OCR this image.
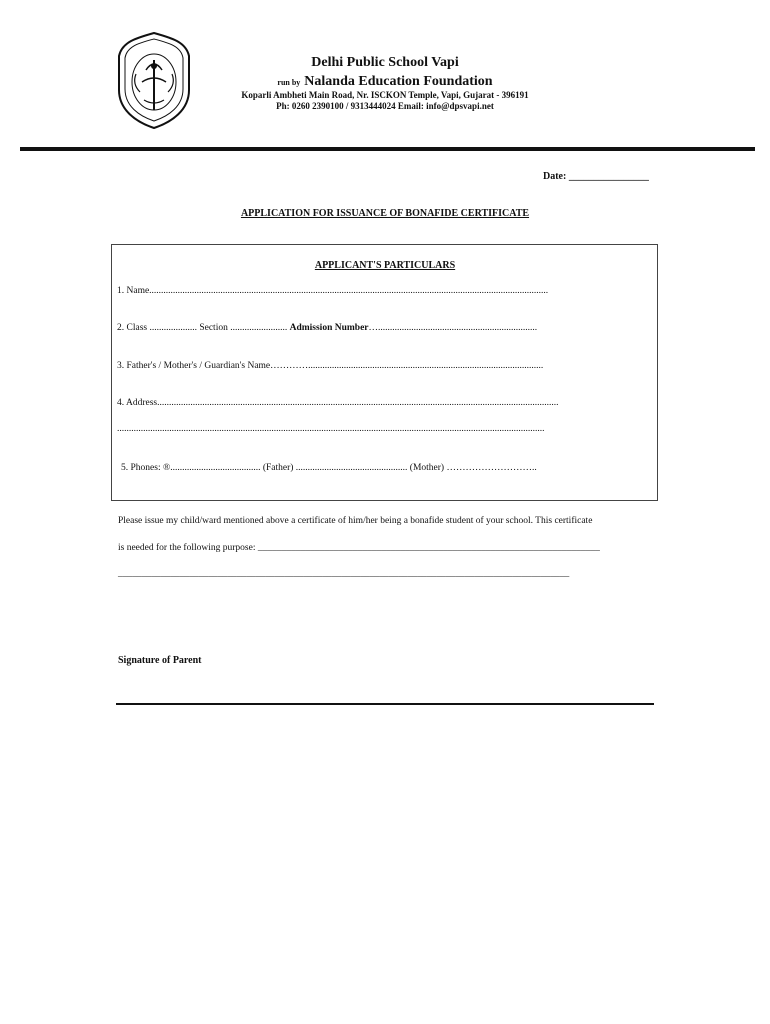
Delhi Public School Vapi
run by Nalanda Education Foundation
Koparli Ambheti Main Road, Nr. ISCKON Temple, Vapi, Gujarat - 396191
Ph: 0260 2390100 / 9313444024 Email: info@dpsvapi.net
Date: ________________
APPLICATION FOR ISSUANCE OF BONAFIDE CERTIFICATE
APPLICANT'S PARTICULARS
1. Name........................................................................................................................................................................
2. Class .................... Section ........................ Admission Number…...................................................................
3. Father's / Mother's / Guardian's Name…………...................................................................................................
4. Address.........................................................................................................................................................................
....................................................................................................................................................................................
5. Phones: ®...................................... (Father) ............................................... (Mother) ………………………..
Please issue my child/ward mentioned above a certificate of him/her being a bonafide student of your school. This certificate
is needed for the following purpose: ________________________________________________________________________
_______________________________________________________________________________________________
Signature of Parent
